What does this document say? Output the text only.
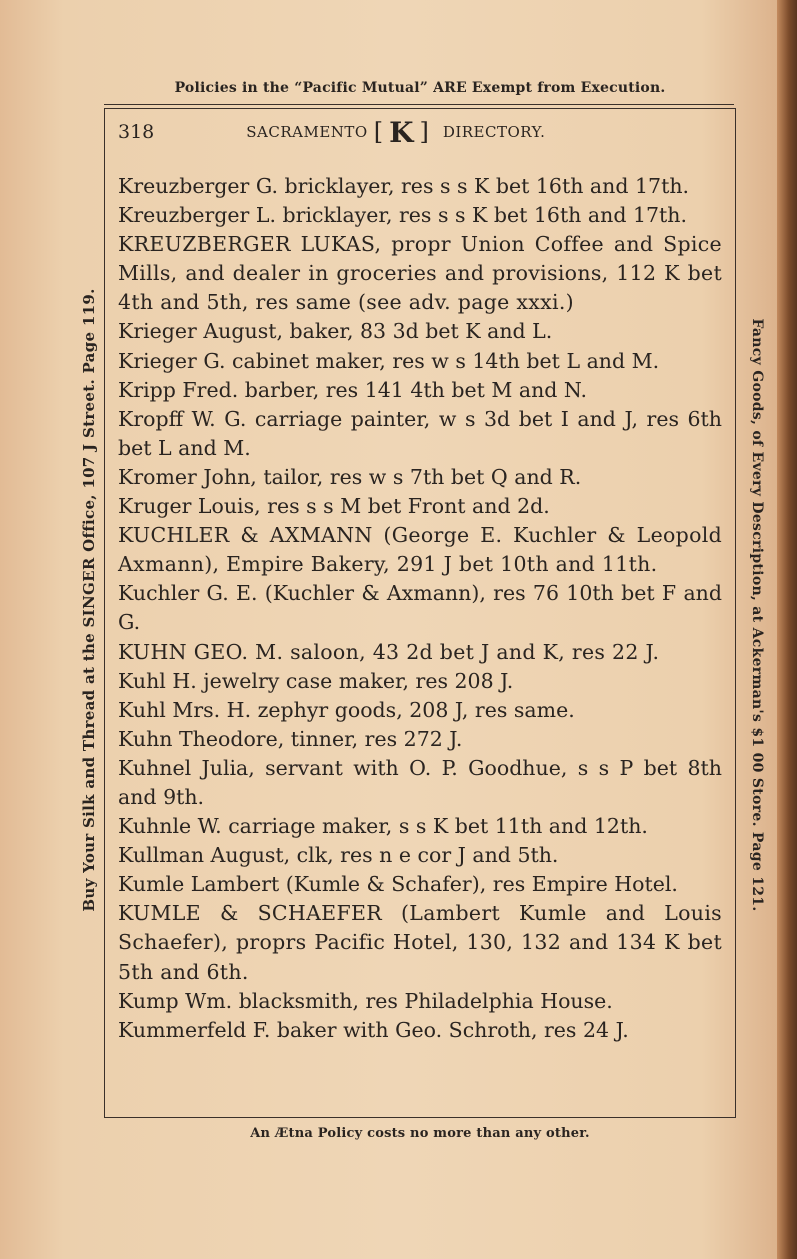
Policies in the “Pacific Mutual” ARE Exempt from Execution.
318	SACRAMENTO [ K ] DIRECTORY.
Kreuzberger G. bricklayer, res s s K bet 16th and 17th.
Kreuzberger L. bricklayer, res s s K bet 16th and 17th.
KREUZBERGER LUKAS, propr Union Coffee and Spice Mills, and dealer in groceries and provisions, 112 K bet 4th and 5th, res same (see adv. page xxxi.)
Krieger August, baker, 83 3d bet K and L.
Krieger G. cabinet maker, res w s 14th bet L and M.
Kripp Fred. barber, res 141 4th bet M and N.
Kropff W. G. carriage painter, w s 3d bet I and J, res 6th bet L and M.
Kromer John, tailor, res w s 7th bet Q and R.
Kruger Louis, res s s M bet Front and 2d.
KUCHLER & AXMANN (George E. Kuchler & Leopold Axmann), Empire Bakery, 291 J bet 10th and 11th.
Kuchler G. E. (Kuchler & Axmann), res 76 10th bet F and G.
KUHN GEO. M. saloon, 43 2d bet J and K, res 22 J.
Kuhl H. jewelry case maker, res 208 J.
Kuhl Mrs. H. zephyr goods, 208 J, res same.
Kuhn Theodore, tinner, res 272 J.
Kuhnel Julia, servant with O. P. Goodhue, s s P bet 8th and 9th.
Kuhnle W. carriage maker, s s K bet 11th and 12th.
Kullman August, clk, res n e cor J and 5th.
Kumle Lambert (Kumle & Schafer), res Empire Hotel.
KUMLE & SCHAEFER (Lambert Kumle and Louis Schaefer), proprs Pacific Hotel, 130, 132 and 134 K bet 5th and 6th.
Kump Wm. blacksmith, res Philadelphia House.
Kummerfeld F. baker with Geo. Schroth, res 24 J.
An Ætna Policy costs no more than any other.
Buy Your Silk and Thread at the SINGER Office, 107 J Street. Page 119.	Fancy Goods, of Every Description, at Ackerman's $1 00 Store. Page 121.
